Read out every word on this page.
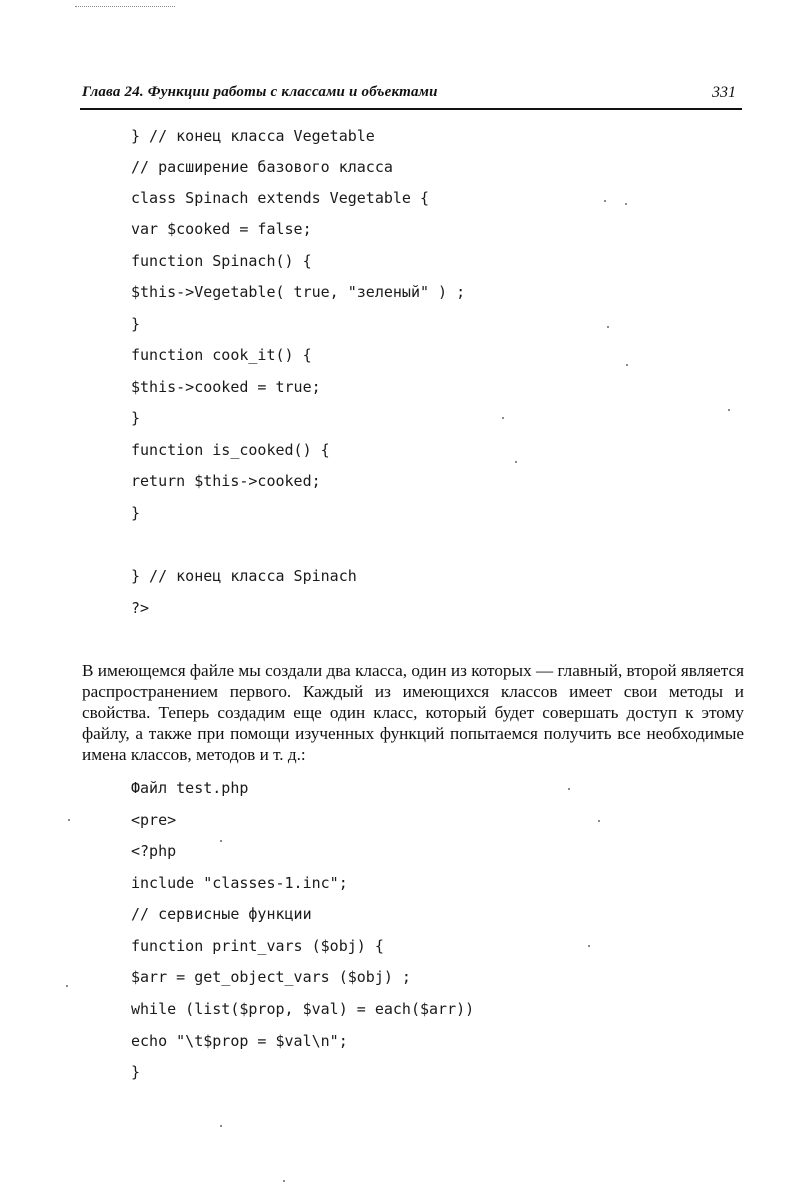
Глава 24. Функции работы с классами и объектами	331
} // конец класса Vegetable
// расширение базового класса
class Spinach extends Vegetable {
var $cooked = false;
function Spinach() {
$this->Vegetable( true, "зеленый" ) ;
}
function cook_it() {
$this->cooked = true;
}
function is_cooked() {
return $this->cooked;
}
} // конец класса Spinach
?>

В имеющемся файле мы создали два класса, один из которых — главный, второй является распространением первого. Каждый из имеющихся классов имеет свои методы и свойства. Теперь создадим еще один класс, который будет совершать доступ к этому файлу, а также при помощи изученных функций попытаемся получить все необходимые имена классов, методов и т. д.:

Файл test.php
<pre>
<?php
include "classes-1.inc";
// сервисные функции
function print_vars ($obj) {
$arr = get_object_vars ($obj) ;
while (list($prop, $val) = each($arr))
echo "\t$prop = $val\n";
}
